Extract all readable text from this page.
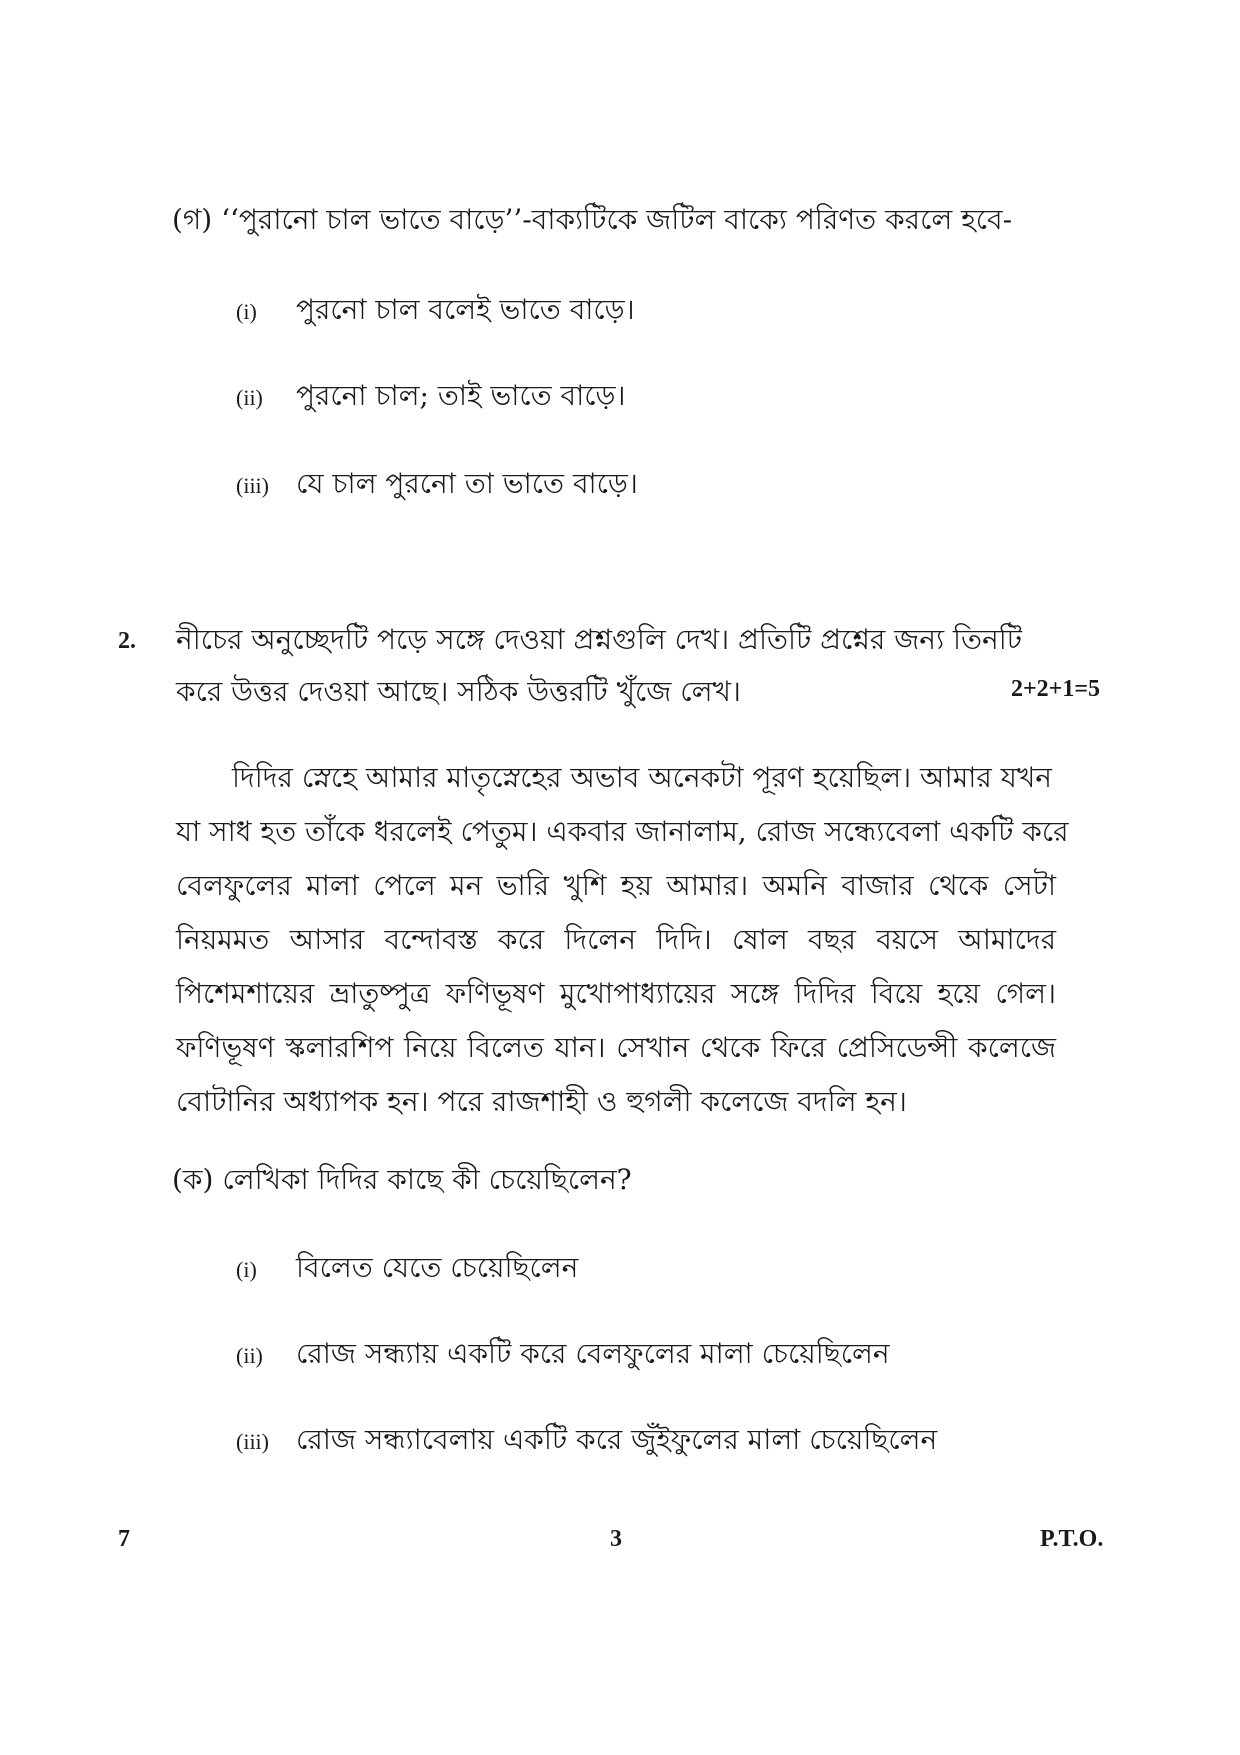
(গ) ‘‘পুরানো চাল ভাতে বাড়ে’’-বাক্যটিকে জটিল বাক্যে পরিণত করলে হবে-
(i) পুরনো চাল বলেই ভাতে বাড়ে।
(ii) পুরনো চাল; তাই ভাতে বাড়ে।
(iii) যে চাল পুরনো তা ভাতে বাড়ে।
2. নীচের অনুচ্ছেদটি পড়ে সঙ্গে দেওয়া প্রশ্নগুলি দেখ। প্রতিটি প্রশ্নের জন্য তিনটি
করে উত্তর দেওয়া আছে। সঠিক উত্তরটি খুঁজে লেখ।	2+2+1=5
দিদির স্নেহে আমার মাতৃস্নেহের অভাব অনেকটা পূরণ হয়েছিল। আমার যখন
যা সাধ হত তাঁকে ধরলেই পেতুম। একবার জানালাম, রোজ সন্ধ্যেবেলা একটি করে
বেলফুলের মালা পেলে মন ভারি খুশি হয় আমার। অমনি বাজার থেকে সেটা
নিয়মমত আসার বন্দোবস্ত করে দিলেন দিদি। ষোল বছর বয়সে আমাদের
পিশেমশায়ের ভ্রাতুষ্পুত্র ফণিভূষণ মুখোপাধ্যায়ের সঙ্গে দিদির বিয়ে হয়ে গেল।
ফণিভূষণ স্কলারশিপ নিয়ে বিলেত যান। সেখান থেকে ফিরে প্রেসিডেন্সী কলেজে
বোটানির অধ্যাপক হন। পরে রাজশাহী ও হুগলী কলেজে বদলি হন।
(ক) লেখিকা দিদির কাছে কী চেয়েছিলেন?
(i) বিলেত যেতে চেয়েছিলেন
(ii) রোজ সন্ধ্যায় একটি করে বেলফুলের মালা চেয়েছিলেন
(iii) রোজ সন্ধ্যাবেলায় একটি করে জুঁইফুলের মালা চেয়েছিলেন
7	3	P.T.O.
